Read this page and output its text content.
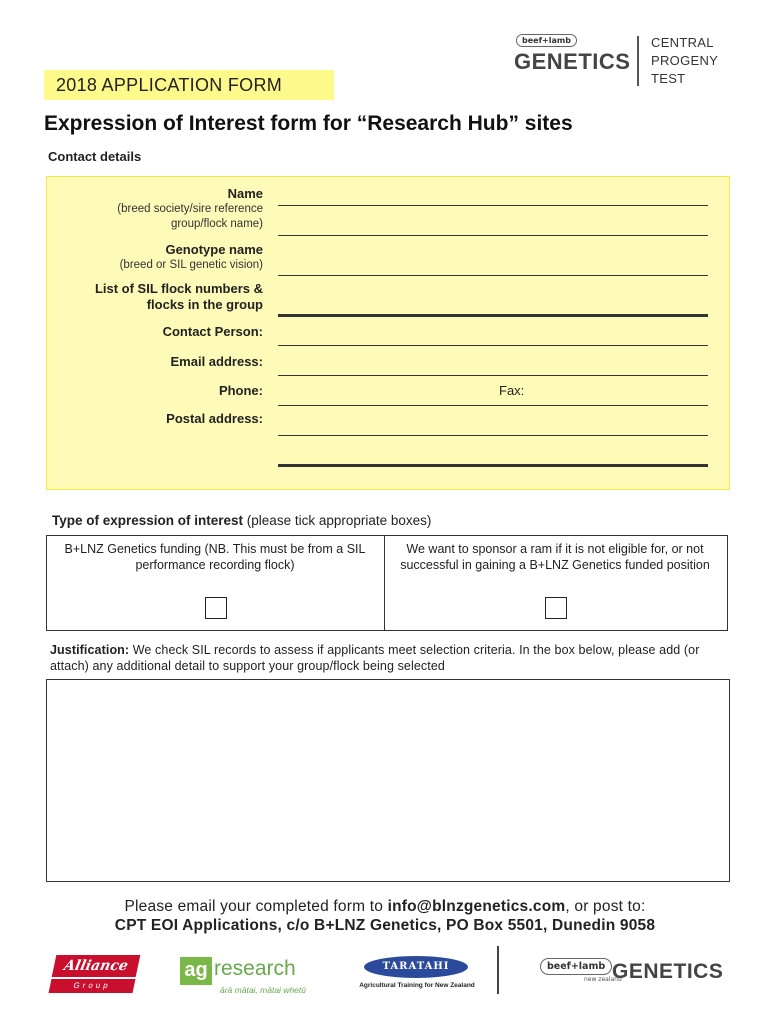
beef+lamb
GENETICS
CENTRAL
PROGENY
TEST
2018 APPLICATION FORM
Expression of Interest form for “Research Hub” sites
Contact details
Name
(breed society/sire reference group/flock name)
Genotype name
(breed or SIL genetic vision)
List of SIL flock numbers & flocks in the group
Contact Person:
Email address:
Phone:	Fax:
Postal address:
Type of expression of interest (please tick appropriate boxes)
B+LNZ Genetics funding (NB. This must be from a SIL performance recording flock)
We want to sponsor a ram if it is not eligible for, or not successful in gaining a B+LNZ Genetics funded position
Justification: We check SIL records to assess if applicants meet selection criteria. In the box below, please add (or attach) any additional detail to support your group/flock being selected
Please email your completed form to info@blnzgenetics.com, or post to:
CPT EOI Applications, c/o B+LNZ Genetics, PO Box 5501, Dunedin 9058
Alliance
Group
ag research
ārā mātai, mātai whetū
TARATAHI
Agricultural Training for New Zealand
beef+lamb
new zealand
GENETICS
